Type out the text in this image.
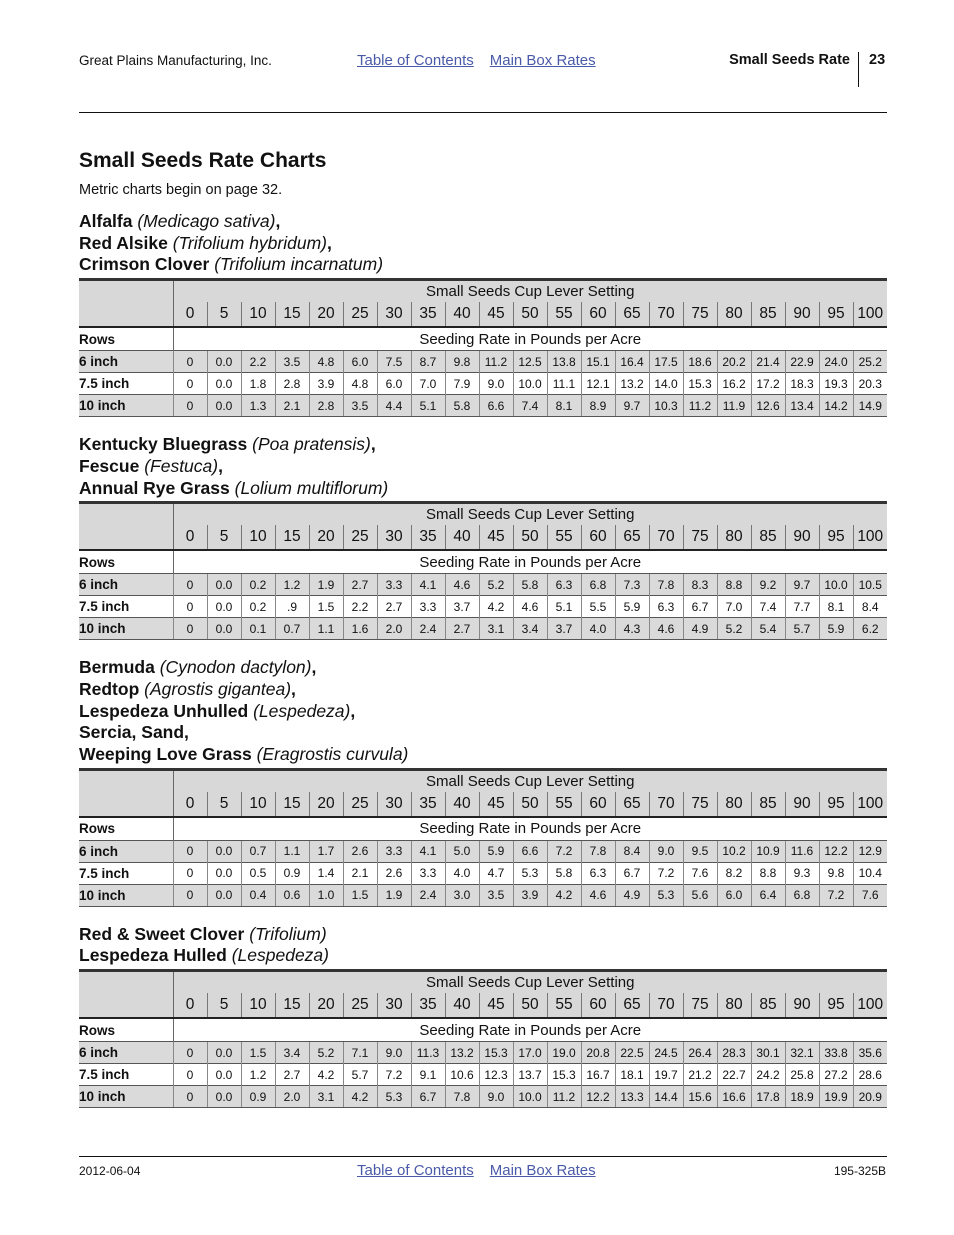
Great Plains Manufacturing, Inc.	Table of Contents Main Box Rates	Small Seeds Rate 23
Small Seeds Rate Charts
Metric charts begin on page 32.
Alfalfa (Medicago sativa),
Red Alsike (Trifolium hybridum),
Crimson Clover (Trifolium incarnatum)
	Small Seeds Cup Lever Setting																				
	0	5	10	15	20	25	30	35	40	45	50	55	60	65	70	75	80	85	90	95	100
Rows	Seeding Rate in Pounds per Acre																				
6 inch	0	0.0	2.2	3.5	4.8	6.0	7.5	8.7	9.8	11.2	12.5	13.8	15.1	16.4	17.5	18.6	20.2	21.4	22.9	24.0	25.2
7.5 inch	0	0.0	1.8	2.8	3.9	4.8	6.0	7.0	7.9	9.0	10.0	11.1	12.1	13.2	14.0	15.3	16.2	17.2	18.3	19.3	20.3
10 inch	0	0.0	1.3	2.1	2.8	3.5	4.4	5.1	5.8	6.6	7.4	8.1	8.9	9.7	10.3	11.2	11.9	12.6	13.4	14.2	14.9
Kentucky Bluegrass (Poa pratensis),
Fescue (Festuca),
Annual Rye Grass (Lolium multiflorum)
	Small Seeds Cup Lever Setting																				
	0	5	10	15	20	25	30	35	40	45	50	55	60	65	70	75	80	85	90	95	100
Rows	Seeding Rate in Pounds per Acre																				
6 inch	0	0.0	0.2	1.2	1.9	2.7	3.3	4.1	4.6	5.2	5.8	6.3	6.8	7.3	7.8	8.3	8.8	9.2	9.7	10.0	10.5
7.5 inch	0	0.0	0.2	.9	1.5	2.2	2.7	3.3	3.7	4.2	4.6	5.1	5.5	5.9	6.3	6.7	7.0	7.4	7.7	8.1	8.4
10 inch	0	0.0	0.1	0.7	1.1	1.6	2.0	2.4	2.7	3.1	3.4	3.7	4.0	4.3	4.6	4.9	5.2	5.4	5.7	5.9	6.2
Bermuda (Cynodon dactylon),
Redtop (Agrostis gigantea),
Lespedeza Unhulled (Lespedeza),
Sercia, Sand,
Weeping Love Grass (Eragrostis curvula)
	Small Seeds Cup Lever Setting																				
	0	5	10	15	20	25	30	35	40	45	50	55	60	65	70	75	80	85	90	95	100
Rows	Seeding Rate in Pounds per Acre																				
6 inch	0	0.0	0.7	1.1	1.7	2.6	3.3	4.1	5.0	5.9	6.6	7.2	7.8	8.4	9.0	9.5	10.2	10.9	11.6	12.2	12.9
7.5 inch	0	0.0	0.5	0.9	1.4	2.1	2.6	3.3	4.0	4.7	5.3	5.8	6.3	6.7	7.2	7.6	8.2	8.8	9.3	9.8	10.4
10 inch	0	0.0	0.4	0.6	1.0	1.5	1.9	2.4	3.0	3.5	3.9	4.2	4.6	4.9	5.3	5.6	6.0	6.4	6.8	7.2	7.6
Red & Sweet Clover (Trifolium)
Lespedeza Hulled (Lespedeza)
	Small Seeds Cup Lever Setting																				
	0	5	10	15	20	25	30	35	40	45	50	55	60	65	70	75	80	85	90	95	100
Rows	Seeding Rate in Pounds per Acre																				
6 inch	0	0.0	1.5	3.4	5.2	7.1	9.0	11.3	13.2	15.3	17.0	19.0	20.8	22.5	24.5	26.4	28.3	30.1	32.1	33.8	35.6
7.5 inch	0	0.0	1.2	2.7	4.2	5.7	7.2	9.1	10.6	12.3	13.7	15.3	16.7	18.1	19.7	21.2	22.7	24.2	25.8	27.2	28.6
10 inch	0	0.0	0.9	2.0	3.1	4.2	5.3	6.7	7.8	9.0	10.0	11.2	12.2	13.3	14.4	15.6	16.6	17.8	18.9	19.9	20.9
2012-06-04	Table of Contents Main Box Rates	195-325B
